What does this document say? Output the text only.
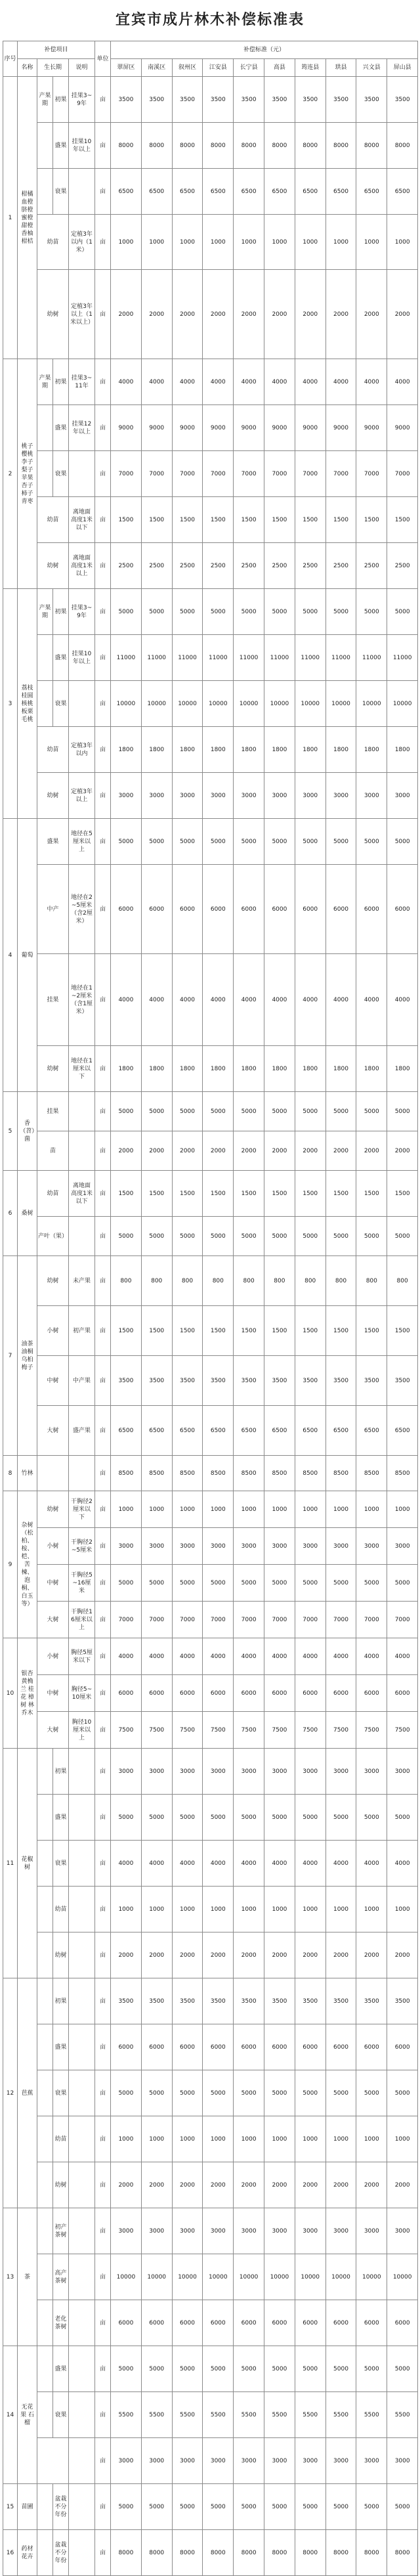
宜宾市成片林木补偿标准表
序号	补偿项目				单位	补偿标准（元）									
	名称	生长期		说明		翠屏区	南溪区	叙州区	江安县	长宁县	高县	筠连县	珙县	兴文县	屏山县
1	柑橘 血橙 脐橙 蜜橙 甜橙 香柚 柑桔	产果期	初果	挂果3~9年	亩	3500	3500	3500	3500	3500	3500	3500	3500	3500	3500
			盛果	挂果10年以上	亩	8000	8000	8000	8000	8000	8000	8000	8000	8000	8000
			衰果		亩	6500	6500	6500	6500	6500	6500	6500	6500	6500	6500
		幼苗		定植3年以内（1米）	亩	1000	1000	1000	1000	1000	1000	1000	1000	1000	1000
		幼树		定植3年以上（1米以上）	亩	2000	2000	2000	2000	2000	2000	2000	2000	2000	2000
2	桃子 樱桃 李子 梨子 苹果 杏子 柿子 青枣	产果期	初果	挂果3~11年	亩	4000	4000	4000	4000	4000	4000	4000	4000	4000	4000
			盛果	挂果12年以上	亩	9000	9000	9000	9000	9000	9000	9000	9000	9000	9000
			衰果		亩	7000	7000	7000	7000	7000	7000	7000	7000	7000	7000
		幼苗		离地面高度1米以下	亩	1500	1500	1500	1500	1500	1500	1500	1500	1500	1500
		幼树		离地面高度1米以上	亩	2500	2500	2500	2500	2500	2500	2500	2500	2500	2500
3	荔枝 桂圆 核桃 板栗 毛桃	产果期	初果	挂果3~9年	亩	5000	5000	5000	5000	5000	5000	5000	5000	5000	5000
			盛果	挂果10年以上	亩	11000	11000	11000	11000	11000	11000	11000	11000	11000	11000
			衰果		亩	10000	10000	10000	10000	10000	10000	10000	10000	10000	10000
		幼苗		定植3年以内	亩	1800	1800	1800	1800	1800	1800	1800	1800	1800	1800
		幼树		定植3年以上	亩	3000	3000	3000	3000	3000	3000	3000	3000	3000	3000
4	葡萄	盛果		地径在5厘米以上	亩	5000	5000	5000	5000	5000	5000	5000	5000	5000	5000
		中产		地径在2~5厘米（含2厘米）	亩	6000	6000	6000	6000	6000	6000	6000	6000	6000	6000
		挂果		地径在1~2厘米（含1厘米）	亩	4000	4000	4000	4000	4000	4000	4000	4000	4000	4000
		幼树		地径在1厘米以下	亩	1800	1800	1800	1800	1800	1800	1800	1800	1800	1800
5	香（苕）菌	挂果			亩	5000	5000	5000	5000	5000	5000	5000	5000	5000	5000
		苗			亩	2000	2000	2000	2000	2000	2000	2000	2000	2000	2000
6	桑树	幼苗		离地面高度1米以下	亩	1500	1500	1500	1500	1500	1500	1500	1500	1500	1500
		产叶（果）			亩	5000	5000	5000	5000	5000	5000	5000	5000	5000	5000
7	油茶 油桐 乌桕 梅子	幼树		未产果	亩	800	800	800	800	800	800	800	800	800	800
		小树		初产果	亩	1500	1500	1500	1500	1500	1500	1500	1500	1500	1500
		中树		中产果	亩	3500	3500	3500	3500	3500	3500	3500	3500	3500	3500
		大树		盛产果	亩	6500	6500	6500	6500	6500	6500	6500	6500	6500	6500
8	竹林				亩	8500	8500	8500	8500	8500	8500	8500	8500	8500	8500
9	杂树（松柏、桉、桤、苦楝、泡桐、白玉等）	幼树		干胸径2厘米以下	亩	1000	1000	1000	1000	1000	1000	1000	1000	1000	1000
		小树		干胸径2~5厘米	亩	3000	3000	3000	3000	3000	3000	3000	3000	3000	3000
		中树		干胸径5~16厘米	亩	5000	5000	5000	5000	5000	5000	5000	5000	5000	5000
		大树		干胸径16厘米以上	亩	7000	7000	7000	7000	7000	7000	7000	7000	7000	7000
10	银杏 黄桷兰 桂花 樟树 林乔木	小树		胸径5厘米以下	亩	4000	4000	4000	4000	4000	4000	4000	4000	4000	4000
		中树		胸径5~10厘米	亩	6000	6000	6000	6000	6000	6000	6000	6000	6000	6000
		大树		胸径10厘米以上	亩	7500	7500	7500	7500	7500	7500	7500	7500	7500	7500
11	花椒树		初果		亩	3000	3000	3000	3000	3000	3000	3000	3000	3000	3000
			盛果		亩	5000	5000	5000	5000	5000	5000	5000	5000	5000	5000
			衰果		亩	4000	4000	4000	4000	4000	4000	4000	4000	4000	4000
			幼苗		亩	1000	1000	1000	1000	1000	1000	1000	1000	1000	1000
			幼树		亩	2000	2000	2000	2000	2000	2000	2000	2000	2000	2000
12	芭蕉		初果		亩	3500	3500	3500	3500	3500	3500	3500	3500	3500	3500
			盛果		亩	6000	6000	6000	6000	6000	6000	6000	6000	6000	6000
			衰果		亩	5000	5000	5000	5000	5000	5000	5000	5000	5000	5000
			幼苗		亩	1000	1000	1000	1000	1000	1000	1000	1000	1000	1000
			幼树		亩	2000	2000	2000	2000	2000	2000	2000	2000	2000	2000
13	茶		初产茶树		亩	3000	3000	3000	3000	3000	3000	3000	3000	3000	3000
			高产茶树		亩	10000	10000	10000	10000	10000	10000	10000	10000	10000	10000
			老化茶树		亩	6000	6000	6000	6000	6000	6000	6000	6000	6000	6000
14	无花果 石榴		盛果		亩	5000	5000	5000	5000	5000	5000	5000	5000	5000	5000
			衰果		亩	5500	5500	5500	5500	5500	5500	5500	5500	5500	5500
					亩	3000	3000	3000	3000	3000	3000	3000	3000	3000	3000
15	苗圃		盆栽不分年份		亩	5000	5000	5000	5000	5000	5000	5000	5000	5000	5000
16	药材花卉		盆栽不分年份		亩	8000	8000	8000	8000	8000	8000	8000	8000	8000	8000
